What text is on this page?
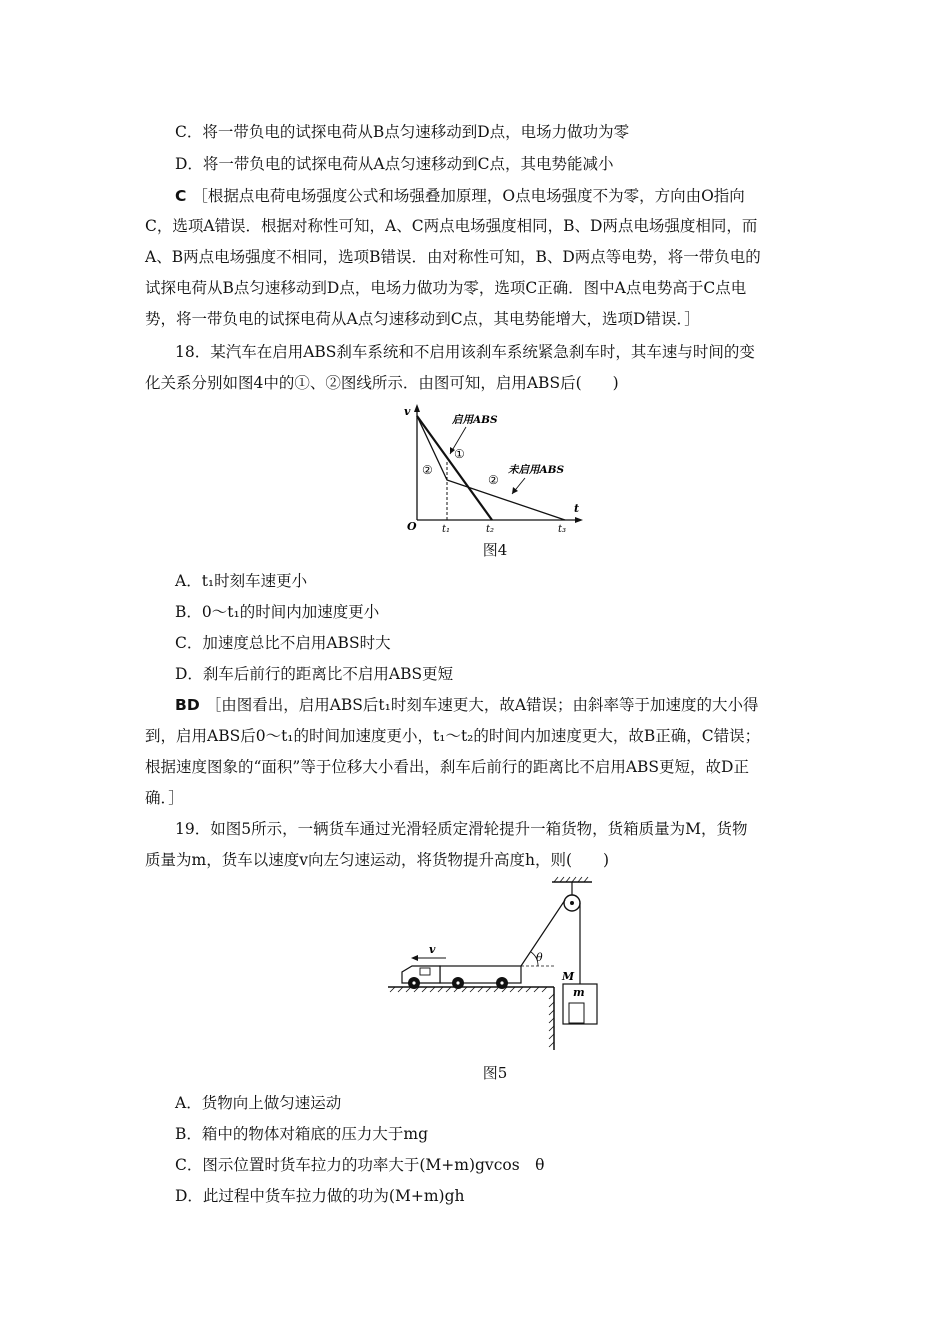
C．将一带负电的试探电荷从B点匀速移动到D点，电场力做功为零
D．将一带负电的试探电荷从A点匀速移动到C点，其电势能减小
C ［根据点电荷电场强度公式和场强叠加原理，O点电场强度不为零，方向由O指向
C，选项A错误．根据对称性可知，A、C两点电场强度相同，B、D两点电场强度相同，而
A、B两点电场强度不相同，选项B错误．由对称性可知，B、D两点等电势，将一带负电的
试探电荷从B点匀速移动到D点，电场力做功为零，选项C正确．图中A点电势高于C点电
势，将一带负电的试探电荷从A点匀速移动到C点，其电势能增大，选项D错误．］
18．某汽车在启用ABS刹车系统和不启用该刹车系统紧急刹车时，其车速与时间的变
化关系分别如图4中的①、②图线所示．由图可知，启用ABS后(　　)
v
t
O	t₁	t₂	t₃
启用ABS
未启用ABS
①
②
②
图4
A．t₁时刻车速更小
B．0～t₁的时间内加速度更小
C．加速度总比不启用ABS时大
D．刹车后前行的距离比不启用ABS更短
BD ［由图看出，启用ABS后t₁时刻车速更大，故A错误；由斜率等于加速度的大小得
到，启用ABS后0～t₁的时间加速度更小，t₁～t₂的时间内加速度更大，故B正确，C错误；
根据速度图象的“面积”等于位移大小看出，刹车后前行的距离比不启用ABS更短，故D正
确．］
19．如图5所示，一辆货车通过光滑轻质定滑轮提升一箱货物，货箱质量为M，货物
质量为m，货车以速度v向左匀速运动，将货物提升高度h，则(　　)
θ
v
M
m
图5
A．货物向上做匀速运动
B．箱中的物体对箱底的压力大于mg
C．图示位置时货车拉力的功率大于(M+m)gvcos　θ
D．此过程中货车拉力做的功为(M+m)gh
